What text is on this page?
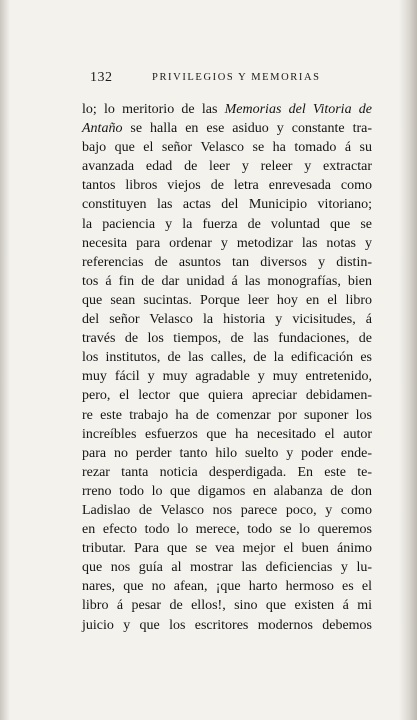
132	PRIVILEGIOS Y MEMORIAS
lo; lo meritorio de las Memorias del Vitoria de
Antaño se halla en ese asiduo y constante tra-
bajo que el señor Velasco se ha tomado á su
avanzada edad de leer y releer y extractar
tantos libros viejos de letra enrevesada como
constituyen las actas del Municipio vitoriano;
la paciencia y la fuerza de voluntad que se
necesita para ordenar y metodizar las notas y
referencias de asuntos tan diversos y distin-
tos á fin de dar unidad á las monografías, bien
que sean sucintas. Porque leer hoy en el libro
del señor Velasco la historia y vicisitudes, á
través de los tiempos, de las fundaciones, de
los institutos, de las calles, de la edificación es
muy fácil y muy agradable y muy entretenido,
pero, el lector que quiera apreciar debidamen-
re este trabajo ha de comenzar por suponer los
increíbles esfuerzos que ha necesitado el autor
para no perder tanto hilo suelto y poder ende-
rezar tanta noticia desperdigada. En este te-
rreno todo lo que digamos en alabanza de don
Ladislao de Velasco nos parece poco, y como
en efecto todo lo merece, todo se lo queremos
tributar. Para que se vea mejor el buen ánimo
que nos guía al mostrar las deficiencias y lu-
nares, que no afean, ¡que harto hermoso es el
libro á pesar de ellos!, sino que existen á mi
juicio y que los escritores modernos debemos
